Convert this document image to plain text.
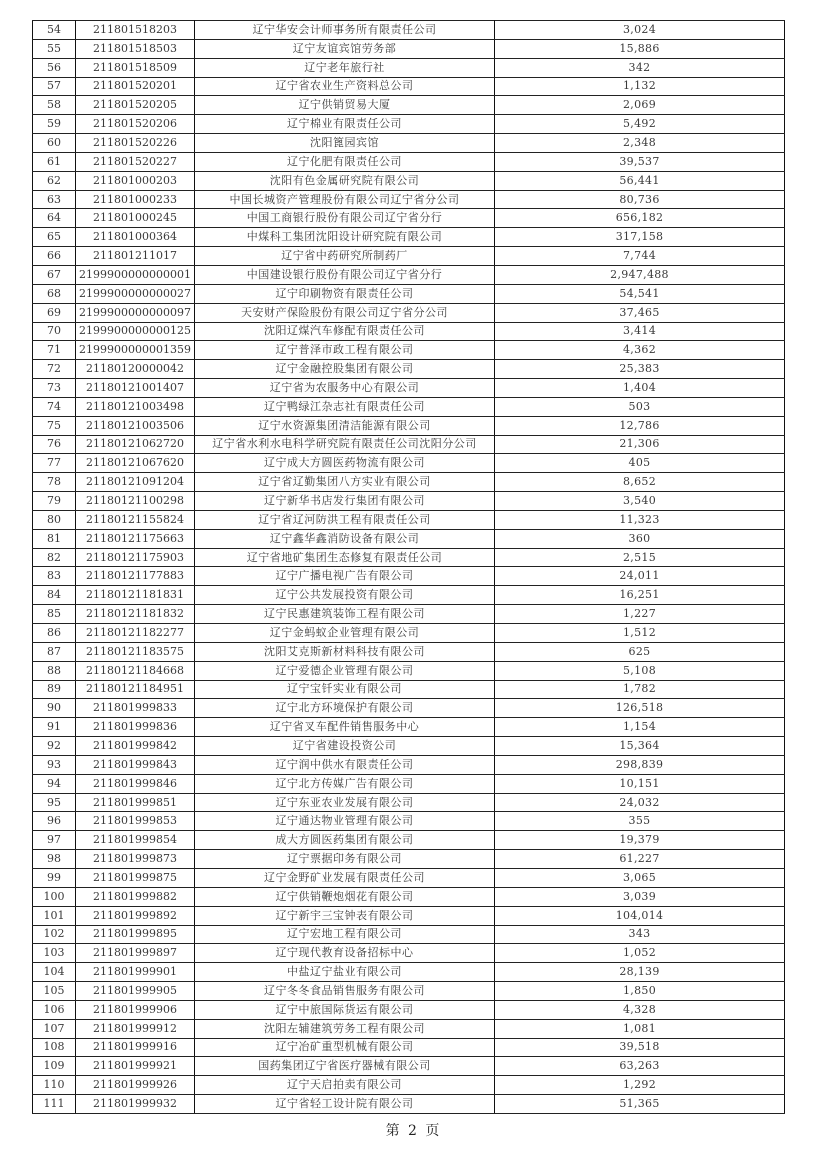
54	211801518203	辽宁华安会计师事务所有限责任公司	3,024
55	211801518503	辽宁友谊宾馆劳务部	15,886
56	211801518509	辽宁老年旅行社	342
57	211801520201	辽宁省农业生产资料总公司	1,132
58	211801520205	辽宁供销贸易大厦	2,069
59	211801520206	辽宁棉业有限责任公司	5,492
60	211801520226	沈阳篦园宾馆	2,348
61	211801520227	辽宁化肥有限责任公司	39,537
62	211801000203	沈阳有色金属研究院有限公司	56,441
63	211801000233	中国长城资产管理股份有限公司辽宁省分公司	80,736
64	211801000245	中国工商银行股份有限公司辽宁省分行	656,182
65	211801000364	中煤科工集团沈阳设计研究院有限公司	317,158
66	211801211017	辽宁省中药研究所制药厂	7,744
67	2199900000000001	中国建设银行股份有限公司辽宁省分行	2,947,488
68	2199900000000027	辽宁印刷物资有限责任公司	54,541
69	2199900000000097	天安财产保险股份有限公司辽宁省分公司	37,465
70	2199900000000125	沈阳辽煤汽车修配有限责任公司	3,414
71	2199900000001359	辽宁普泽市政工程有限公司	4,362
72	21180120000042	辽宁金融控股集团有限公司	25,383
73	21180121001407	辽宁省为农服务中心有限公司	1,404
74	21180121003498	辽宁鸭绿江杂志社有限责任公司	503
75	21180121003506	辽宁水资源集团清洁能源有限公司	12,786
76	21180121062720	辽宁省水利水电科学研究院有限责任公司沈阳分公司	21,306
77	21180121067620	辽宁成大方圆医药物流有限公司	405
78	21180121091204	辽宁省辽勤集团八方实业有限公司	8,652
79	21180121100298	辽宁新华书店发行集团有限公司	3,540
80	21180121155824	辽宁省辽河防洪工程有限责任公司	11,323
81	21180121175663	辽宁鑫华鑫消防设备有限公司	360
82	21180121175903	辽宁省地矿集团生态修复有限责任公司	2,515
83	21180121177883	辽宁广播电视广告有限公司	24,011
84	21180121181831	辽宁公共发展投资有限公司	16,251
85	21180121181832	辽宁民惠建筑装饰工程有限公司	1,227
86	21180121182277	辽宁金蚂蚁企业管理有限公司	1,512
87	21180121183575	沈阳艾克斯新材料科技有限公司	625
88	21180121184668	辽宁爱德企业管理有限公司	5,108
89	21180121184951	辽宁宝钎实业有限公司	1,782
90	211801999833	辽宁北方环境保护有限公司	126,518
91	211801999836	辽宁省叉车配件销售服务中心	1,154
92	211801999842	辽宁省建设投资公司	15,364
93	211801999843	辽宁润中供水有限责任公司	298,839
94	211801999846	辽宁北方传媒广告有限公司	10,151
95	211801999851	辽宁东亚农业发展有限公司	24,032
96	211801999853	辽宁通达物业管理有限公司	355
97	211801999854	成大方圆医药集团有限公司	19,379
98	211801999873	辽宁票据印务有限公司	61,227
99	211801999875	辽宁金野矿业发展有限责任公司	3,065
100	211801999882	辽宁供销鞭炮烟花有限公司	3,039
101	211801999892	辽宁新宇三宝钟表有限公司	104,014
102	211801999895	辽宁宏地工程有限公司	343
103	211801999897	辽宁现代教育设备招标中心	1,052
104	211801999901	中盐辽宁盐业有限公司	28,139
105	211801999905	辽宁冬冬食品销售服务有限公司	1,850
106	211801999906	辽宁中旅国际货运有限公司	4,328
107	211801999912	沈阳左辅建筑劳务工程有限公司	1,081
108	211801999916	辽宁冶矿重型机械有限公司	39,518
109	211801999921	国药集团辽宁省医疗器械有限公司	63,263
110	211801999926	辽宁天启拍卖有限公司	1,292
111	211801999932	辽宁省轻工设计院有限公司	51,365
第 2 页
